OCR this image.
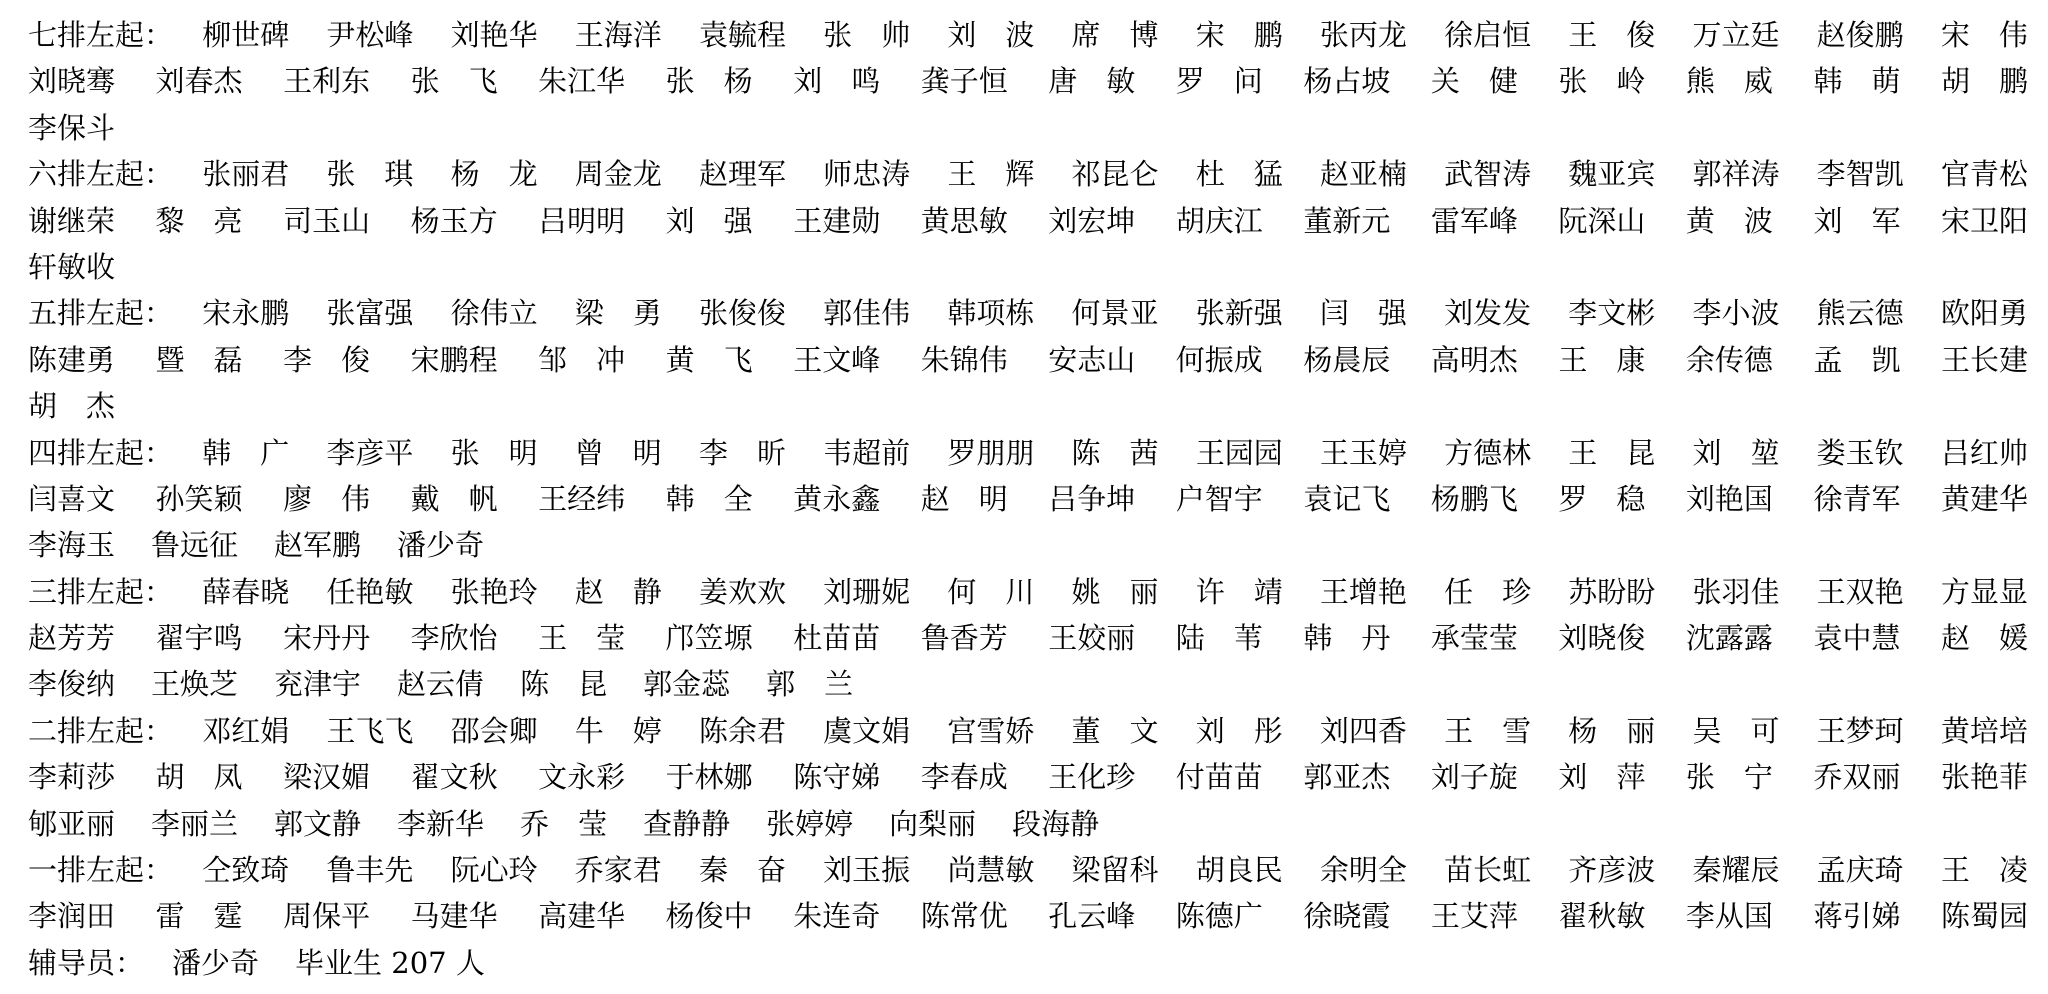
七排左起： 柳世碑 尹松峰 刘艳华 王海洋 袁毓程 张　帅 刘　波 席　博 宋　鹏 张丙龙 徐启恒 王　俊 万立廷 赵俊鹏 宋　伟
刘晓骞 刘春杰 王利东 张　飞 朱江华 张　杨 刘　鸣 龚子恒 唐　敏 罗　问 杨占坡 关　健 张　岭 熊　威 韩　萌 胡　鹏
李保斗
六排左起： 张丽君 张　琪 杨　龙 周金龙 赵理军 师忠涛 王　辉 祁昆仑 杜　猛 赵亚楠 武智涛 魏亚宾 郭祥涛 李智凯 官青松
谢继荣 黎　亮 司玉山 杨玉方 吕明明 刘　强 王建勋 黄思敏 刘宏坤 胡庆江 董新元 雷军峰 阮深山 黄　波 刘　军 宋卫阳
轩敏收
五排左起： 宋永鹏 张富强 徐伟立 梁　勇 张俊俊 郭佳伟 韩项栋 何景亚 张新强 闫　强 刘发发 李文彬 李小波 熊云德 欧阳勇
陈建勇 暨　磊 李　俊 宋鹏程 邹　冲 黄　飞 王文峰 朱锦伟 安志山 何振成 杨晨辰 高明杰 王　康 余传德 孟　凯 王长建
胡　杰
四排左起： 韩　广 李彦平 张　明 曾　明 李　昕 韦超前 罗朋朋 陈　茜 王园园 王玉婷 方德林 王　昆 刘　堃 娄玉钦 吕红帅
闫喜文 孙笑颖 廖　伟 戴　帆 王经纬 韩　全 黄永鑫 赵　明 吕争坤 户智宇 袁记飞 杨鹏飞 罗　稳 刘艳国 徐青军 黄建华
李海玉 鲁远征 赵军鹏 潘少奇
三排左起： 薛春晓 任艳敏 张艳玲 赵　静 姜欢欢 刘珊妮 何　川 姚　丽 许　靖 王增艳 任　珍 苏盼盼 张羽佳 王双艳 方显显
赵芳芳 翟宇鸣 宋丹丹 李欣怡 王　莹 邝笠塬 杜苗苗 鲁香芳 王姣丽 陆　苇 韩　丹 承莹莹 刘晓俊 沈露露 袁中慧 赵　媛
李俊纳 王焕芝 兖津宇 赵云倩 陈　昆 郭金蕊 郭　兰
二排左起： 邓红娟 王飞飞 邵会卿 牛　婷 陈余君 虞文娟 宫雪娇 董　文 刘　彤 刘四香 王　雪 杨　丽 吴　可 王梦珂 黄培培
李莉莎 胡　凤 梁汉媚 翟文秋 文永彩 于林娜 陈守娣 李春成 王化珍 付苗苗 郭亚杰 刘子旋 刘　萍 张　宁 乔双丽 张艳菲
郇亚丽 李丽兰 郭文静 李新华 乔　莹 查静静 张婷婷 向梨丽 段海静
一排左起： 仝致琦 鲁丰先 阮心玲 乔家君 秦　奋 刘玉振 尚慧敏 梁留科 胡良民 余明全 苗长虹 齐彦波 秦耀辰 孟庆琦 王　凌
李润田 雷　霆 周保平 马建华 高建华 杨俊中 朱连奇 陈常优 孔云峰 陈德广 徐晓霞 王艾萍 翟秋敏 李从国 蒋引娣 陈蜀园
辅导员： 潘少奇 毕业生 207 人
